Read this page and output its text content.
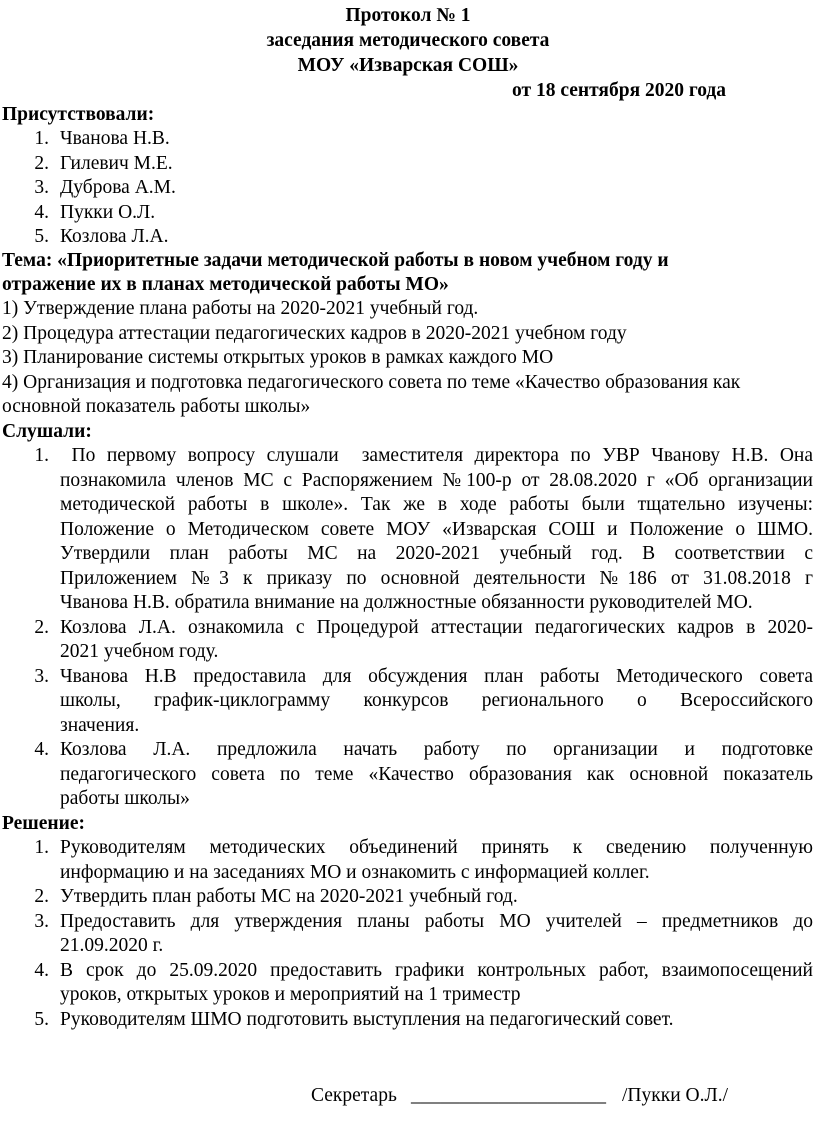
Протокол № 1
заседания методического совета
МОУ «Изварская СОШ»
от 18 сентября 2020 года
Присутствовали:
1. Чванова Н.В.
2. Гилевич М.Е.
3. Дуброва А.М.
4. Пукки О.Л.
5. Козлова Л.А.
Тема: «Приоритетные задачи методической работы в новом учебном году и
отражение их в планах методической работы МО»
1) Утверждение плана работы на 2020-2021 учебный год.
2) Процедура аттестации педагогических кадров в 2020-2021 учебном году
3) Планирование системы открытых уроков в рамках каждого МО
4) Организация и подготовка педагогического совета по теме «Качество образования как
основной показатель работы школы»
Слушали:
1. По первому вопросу слушали  заместителя директора по УВР Чванову Н.В. Она
познакомила членов МС с Распоряжением №100-р от 28.08.2020 г «Об организации
методической работы в школе». Так же в ходе работы были тщательно изучены:
Положение о Методическом совете МОУ «Изварская СОШ и Положение о ШМО.
Утвердили план работы МС на 2020-2021 учебный год. В соответствии с
Приложением №3 к приказу по основной деятельности №186 от 31.08.2018 г
Чванова Н.В. обратила внимание на должностные обязанности руководителей МО.
2. Козлова Л.А. ознакомила с Процедурой аттестации педагогических кадров в 2020-
2021 учебном году.
3. Чванова Н.В предоставила для обсуждения план работы Методического совета
школы, график-циклограмму конкурсов регионального о Всероссийского
значения.
4. Козлова Л.А. предложила начать работу по организации и подготовке
педагогического совета по теме «Качество образования как основной показатель
работы школы»
Решение:
1. Руководителям методических объединений принять к сведению полученную
информацию и на заседаниях МО и ознакомить с информацией коллег.
2. Утвердить план работы МС на 2020-2021 учебный год.
3. Предоставить для утверждения планы работы МО учителей – предметников до
21.09.2020 г.
4. В срок до 25.09.2020 предоставить графики контрольных работ, взаимопосещений
уроков, открытых уроков и мероприятий на 1 триместр
5. Руководителям ШМО подготовить выступления на педагогический совет.
Секретарь ____________________ /Пукки О.Л./
